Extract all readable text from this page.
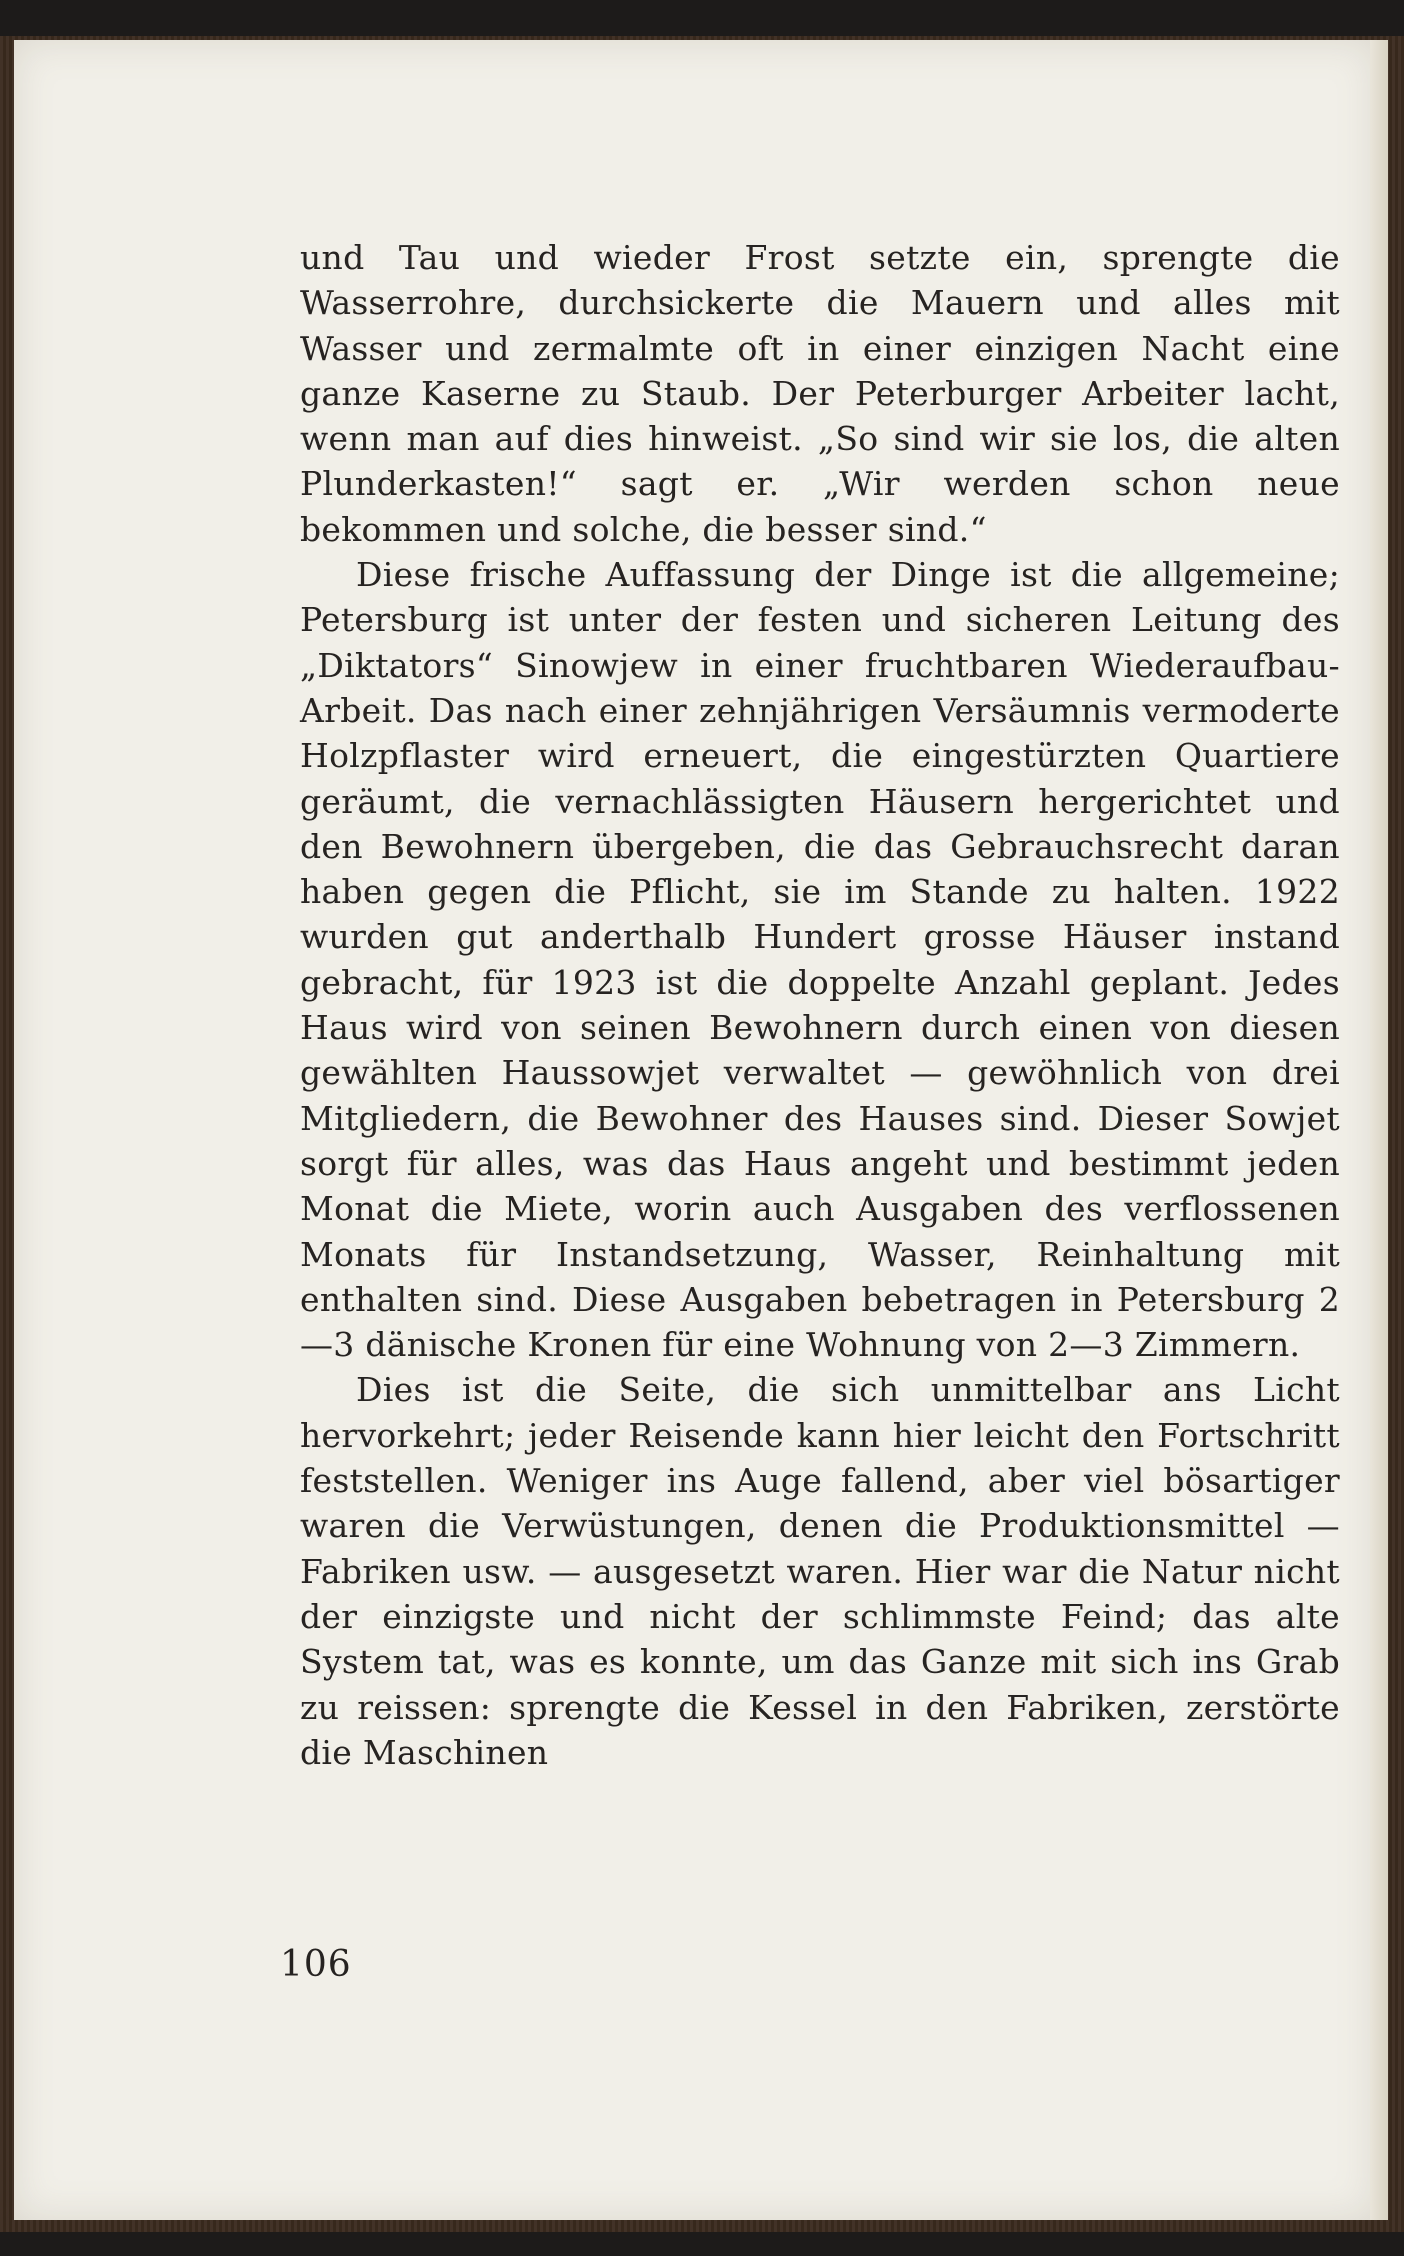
und Tau und wieder Frost setzte ein, sprengte die Wasserrohre, durchsickerte die Mauern und alles mit Wasser und zermalmte oft in einer einzigen Nacht eine ganze Kaserne zu Staub. Der Peterburger Arbeiter lacht, wenn man auf dies hinweist. „So sind wir sie los, die alten Plunderkasten!“ sagt er. „Wir werden schon neue bekommen und solche, die besser sind.“

Diese frische Auffassung der Dinge ist die allgemeine; Petersburg ist unter der festen und sicheren Leitung des „Diktators“ Sinowjew in einer fruchtbaren Wiederaufbau-Arbeit. Das nach einer zehnjährigen Versäumnis vermoderte Holzpflaster wird erneuert, die eingestürzten Quartiere geräumt, die vernachlässigten Häusern hergerichtet und den Bewohnern übergeben, die das Gebrauchsrecht daran haben gegen die Pflicht, sie im Stande zu halten. 1922 wurden gut anderthalb Hundert grosse Häuser instand gebracht, für 1923 ist die doppelte Anzahl geplant. Jedes Haus wird von seinen Bewohnern durch einen von diesen gewählten Haussowjet verwaltet — gewöhnlich von drei Mitgliedern, die Bewohner des Hauses sind. Dieser Sowjet sorgt für alles, was das Haus angeht und bestimmt jeden Monat die Miete, worin auch Ausgaben des verflossenen Monats für Instandsetzung, Wasser, Reinhaltung mit enthalten sind. Diese Ausgaben bebetragen in Petersburg 2—3 dänische Kronen für eine Wohnung von 2—3 Zimmern.

Dies ist die Seite, die sich unmittelbar ans Licht hervorkehrt; jeder Reisende kann hier leicht den Fortschritt feststellen. Weniger ins Auge fallend, aber viel bösartiger waren die Verwüstungen, denen die Produktionsmittel — Fabriken usw. — ausgesetzt waren. Hier war die Natur nicht der einzigste und nicht der schlimmste Feind; das alte System tat, was es konnte, um das Ganze mit sich ins Grab zu reissen: sprengte die Kessel in den Fabriken, zerstörte die Maschinen

106
